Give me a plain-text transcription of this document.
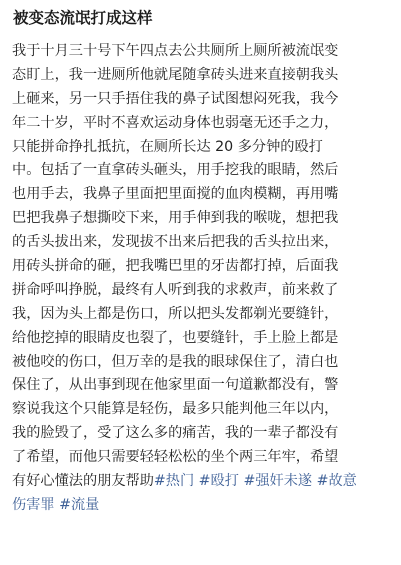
被变态流氓打成这样
我于十月三十号下午四点去公共厕所上厕所被流氓变
态盯上，我一进厕所他就尾随拿砖头进来直接朝我头
上砸来，另一只手捂住我的鼻子试图想闷死我，我今
年二十岁，平时不喜欢运动身体也弱毫无还手之力，
只能拼命挣扎抵抗，在厕所长达 20 多分钟的殴打
中。包括了一直拿砖头砸头，用手挖我的眼睛，然后
也用手去，我鼻子里面把里面搅的血肉模糊，再用嘴
巴把我鼻子想撕咬下来，用手伸到我的喉咙，想把我
的舌头拔出来，发现拔不出来后把我的舌头拉出来，
用砖头拼命的砸，把我嘴巴里的牙齿都打掉，后面我
拼命呼叫挣脱，最终有人听到我的求救声，前来救了
我，因为头上都是伤口，所以把头发都剃光要缝针，
给他挖掉的眼睛皮也裂了，也要缝针，手上脸上都是
被他咬的伤口，但万幸的是我的眼球保住了，清白也
保住了，从出事到现在他家里面一句道歉都没有，警
察说我这个只能算是轻伤，最多只能判他三年以内，
我的脸毁了，受了这么多的痛苦，我的一辈子都没有
了希望，而他只需要轻轻松松的坐个两三年牢，希望
有好心懂法的朋友帮助#热门 #殴打 #强奸未遂 #故意
伤害罪 #流量
